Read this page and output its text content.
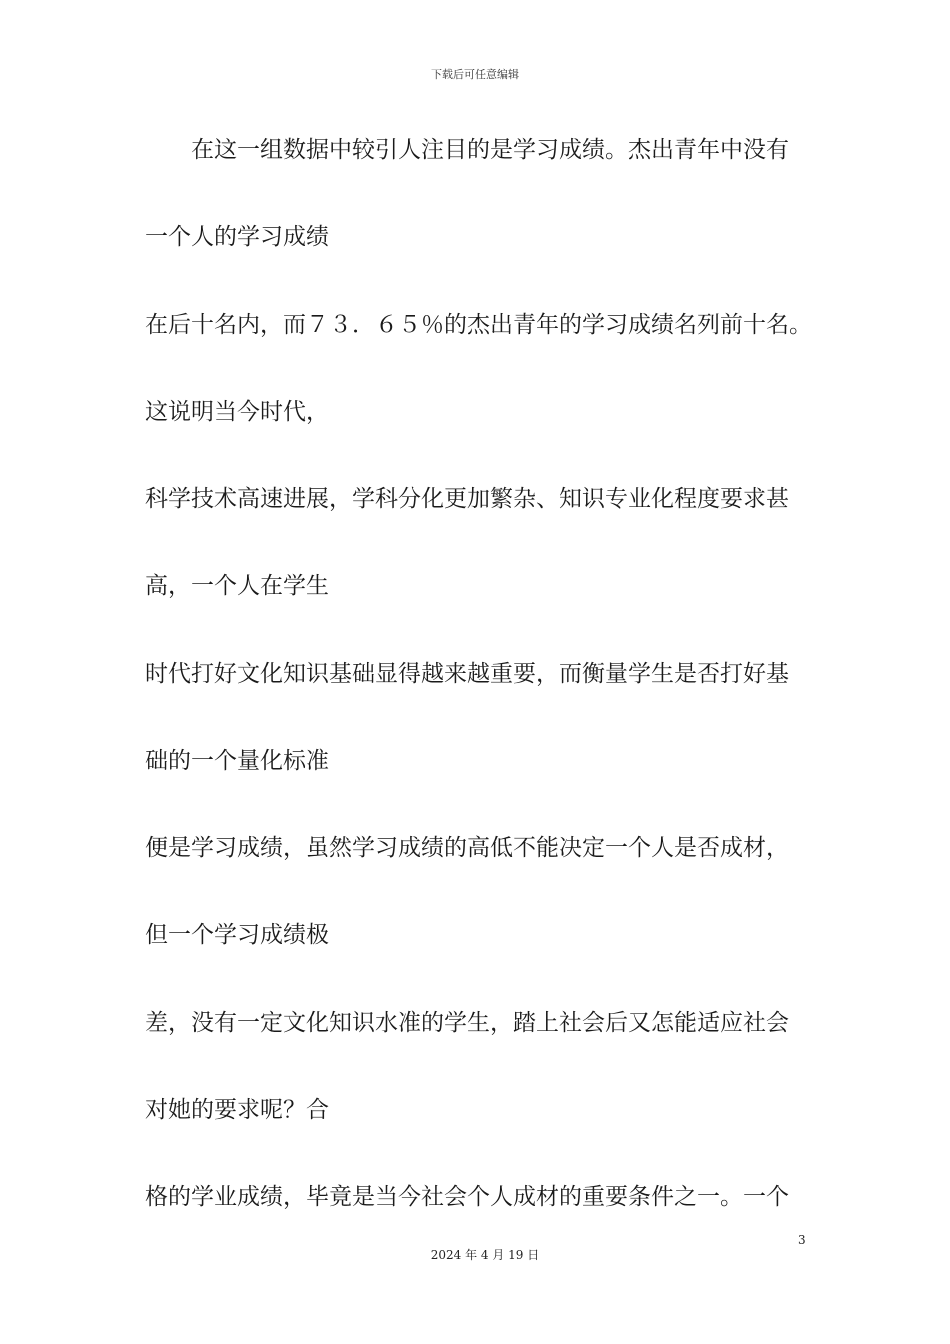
下载后可任意编辑
在这一组数据中较引人注目的是学习成绩。杰出青年中没有
一个人的学习成绩
在后十名内，而７３．６５％的杰出青年的学习成绩名列前十名。
这说明当今时代，
科学技术高速进展，学科分化更加繁杂、知识专业化程度要求甚
高，一个人在学生
时代打好文化知识基础显得越来越重要，而衡量学生是否打好基
础的一个量化标准
便是学习成绩，虽然学习成绩的高低不能决定一个人是否成材，
但一个学习成绩极
差，没有一定文化知识水准的学生，踏上社会后又怎能适应社会
对她的要求呢？合
格的学业成绩，毕竟是当今社会个人成材的重要条件之一。一个
3
2024 年 4 月 19 日
